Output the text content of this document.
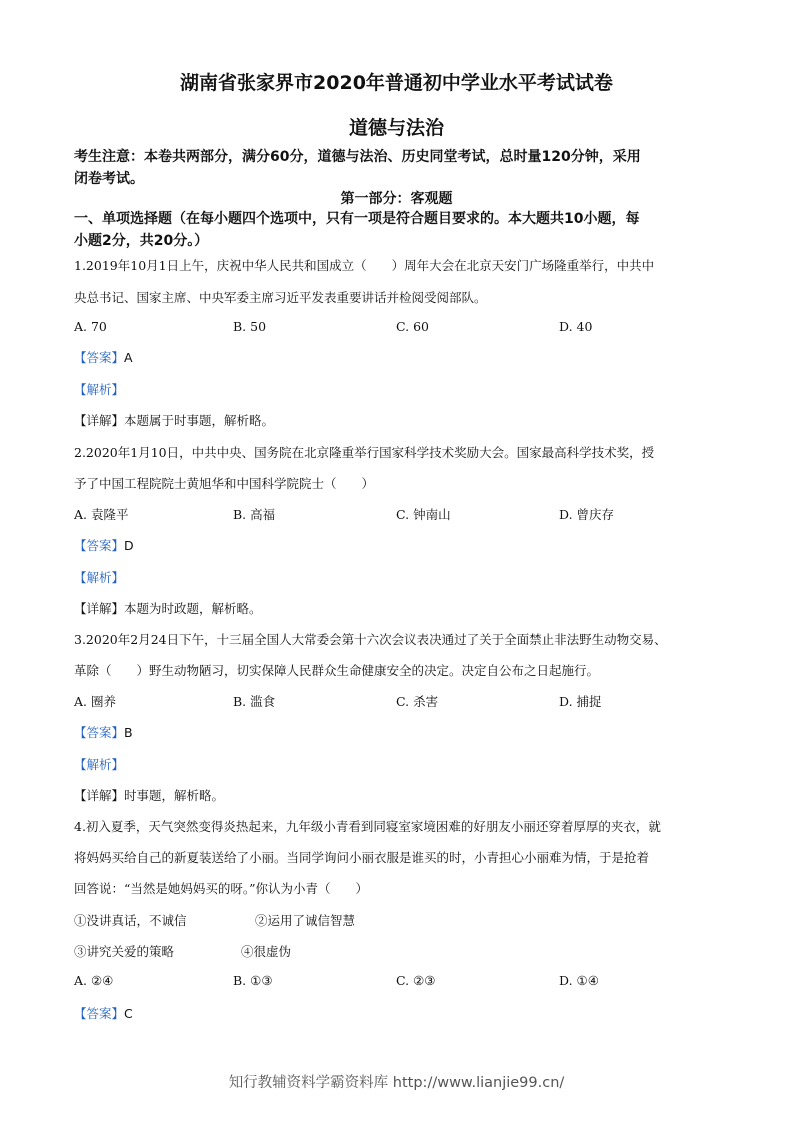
湖南省张家界市2020年普通初中学业水平考试试卷
道德与法治
考生注意：本卷共两部分，满分60分，道德与法治、历史同堂考试，总时量120分钟，采用
闭卷考试。
第一部分：客观题
一、单项选择题（在每小题四个选项中，只有一项是符合题目要求的。本大题共10小题，每
小题2分，共20分。）
1.2019年10月1日上午，庆祝中华人民共和国成立（　　）周年大会在北京天安门广场隆重举行，中共中
央总书记、国家主席、中央军委主席习近平发表重要讲话并检阅受阅部队。
A. 70	B. 50	C. 60	D. 40
【答案】A
【解析】
【详解】本题属于时事题，解析略。
2.2020年1月10日，中共中央、国务院在北京隆重举行国家科学技术奖励大会。国家最高科学技术奖，授
予了中国工程院院士黄旭华和中国科学院院士（　　）
A. 袁隆平	B. 高福	C. 钟南山	D. 曾庆存
【答案】D
【解析】
【详解】本题为时政题，解析略。
3.2020年2月24日下午，十三届全国人大常委会第十六次会议表决通过了关于全面禁止非法野生动物交易、
革除（　　）野生动物陋习，切实保障人民群众生命健康安全的决定。决定自公布之日起施行。
A. 圈养	B. 滥食	C. 杀害	D. 捕捉
【答案】B
【解析】
【详解】时事题，解析略。
4.初入夏季，天气突然变得炎热起来，九年级小青看到同寝室家境困难的好朋友小丽还穿着厚厚的夹衣，就
将妈妈买给自己的新夏装送给了小丽。当同学询问小丽衣服是谁买的时，小青担心小丽难为情，于是抢着
回答说：“当然是她妈妈买的呀。”你认为小青（　　）
①没讲真话，不诚信	②运用了诚信智慧
③讲究关爱的策略	④很虚伪
A. ②④	B. ①③	C. ②③	D. ①④
【答案】C
知行教辅资料学霸资料库 http://www.lianjie99.cn/
